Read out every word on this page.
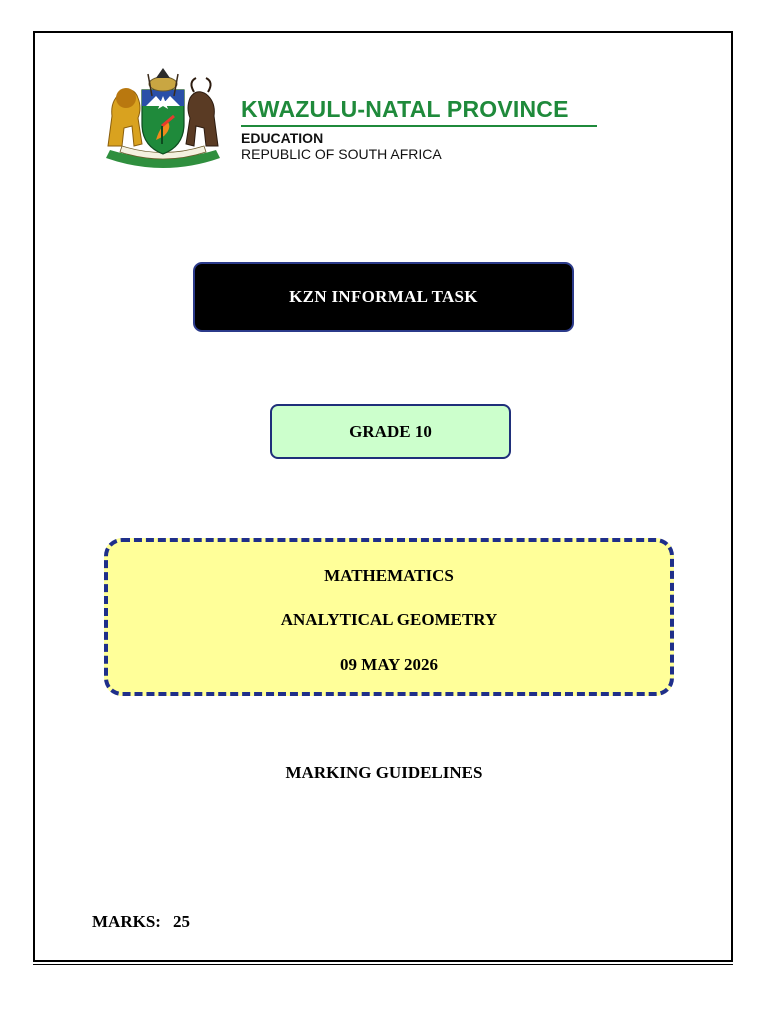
KWAZULU-NATAL PROVINCE
EDUCATION
REPUBLIC OF SOUTH AFRICA
KZN INFORMAL TASK
GRADE 10
MATHEMATICS
ANALYTICAL GEOMETRY
09 MAY 2026
MARKING GUIDELINES
MARKS: 25
